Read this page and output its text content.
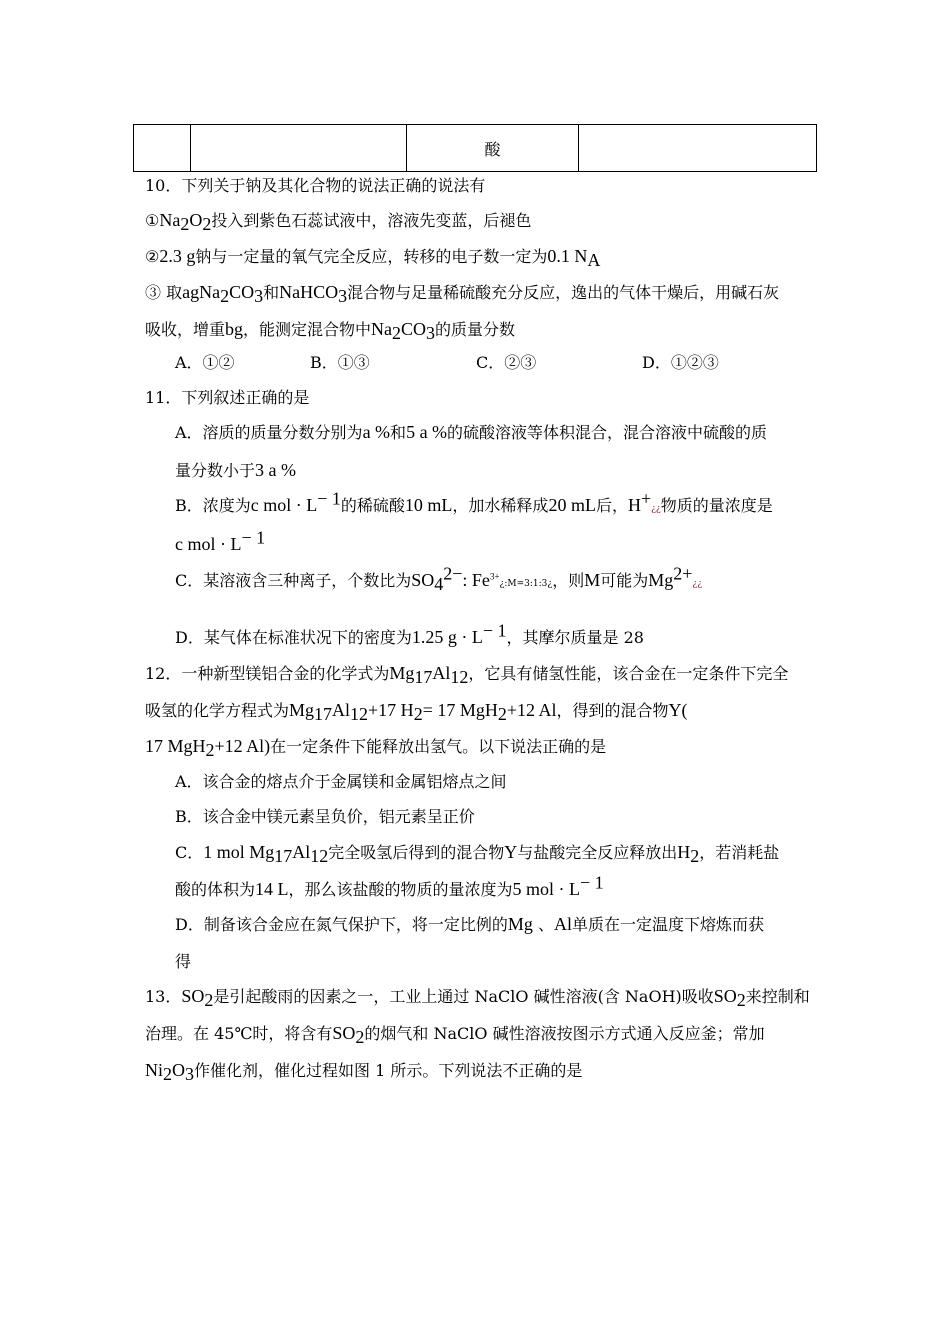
		酸	
10．下列关于钠及其化合物的说法正确的说法有
$①Na_2O_2$投入到紫色石蕊试液中，溶液先变蓝，后褪色
②2.3 g钠与一定量的氧气完全反应，转移的电子数一定为0.1 $N_A$
③ 取$agNa_2CO_3$和NaHCO$_3$混合物与足量稀硫酸充分反应，逸出的气体干燥后，用碱石灰
吸收，增重bg，能测定混合物中$Na_2CO_3$的质量分数
A．①②	B．①③	C．②③	D．①②③
11．下列叙述正确的是
A．溶质的质量分数分别为a %和5 a %的硫酸溶液等体积混合，混合溶液中硫酸的质
量分数小于3 a %
B．浓度为c mol · $L^{- 1}$的稀硫酸10 mL，加水稀释成20 mL后，H+¿¿物质的量浓度是
c mol · $L^{- 1}$
C．某溶液含三种离子，个数比为$SO_4^{2-}$: $Fe^{3+}¿:M=3:1:3¿$，则M可能为$Mg^{2+}¿¿$
D．某气体在标准状况下的密度为1.25 $g \cdot L^{- 1}$，其摩尔质量是 28
12．一种新型镁铝合金的化学式为$Mg_{17}Al_{12}$，它具有储氢性能，该合金在一定条件下完全
吸氢的化学方程式为$Mg_{17}Al_{12}+17$ $H_2= 17$ MgH$_2$+12 Al，得到的混合物Y(
17 MgH$_2$+12 Al)在一定条件下能释放出氢气。以下说法正确的是
A．该合金的熔点介于金属镁和金属铝熔点之间
B．该合金中镁元素呈负价，铝元素呈正价
C．1 mol $Mg_{17}Al_{12}$完全吸氢后得到的混合物Y与盐酸完全反应释放出$H_2$，若消耗盐
酸的体积为14 L，那么该盐酸的物质的量浓度为5 mol · $L^{- 1}$
D．制备该合金应在氮气保护下，将一定比例的Mg 、Al单质在一定温度下熔炼而获
得
13．$SO_2$是引起酸雨的因素之一，工业上通过 NaClO 碱性溶液(含 NaOH)吸收$SO_2$来控制和
治理。在 45℃时，将含有$SO_2$的烟气和 NaClO 碱性溶液按图示方式通入反应釜；常加
$Ni_2O_3$作催化剂，催化过程如图 1 所示。下列说法不正确的是
